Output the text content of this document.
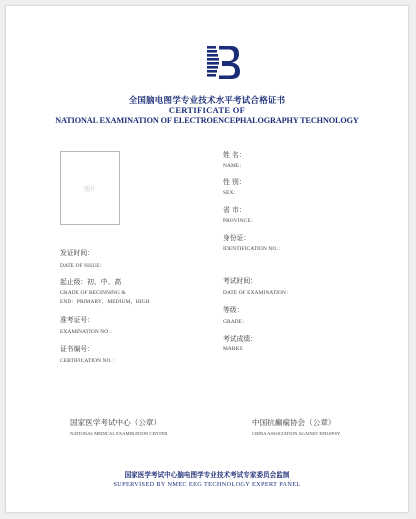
全国脑电图学专业技术水平考试合格证书
CERTIFICATE OF
NATIONAL EXAMINATION OF ELECTROENCEPHALOGRAPHY TECHNOLOGY
照片
姓 名：
NAME：
性 别：
SEX：
省 市：
PROVINCE：
身份证：
IDENTIFICATION NO.：
考试时间：
DATE OF EXAMINATION：
等级：
GRADE：
考试成绩：
MARKS
发证时间：
DATE OF ISSUE：
起止级：初、中、高
GRADE OF BEGINNING &
END：PRIMARY，MEDIUM，HIGH
准考证号：
EXAMINATION NO.：
证书编号：
CERTIFICATION NO.：
国家医学考试中心（公章）
NATIONAL MEDICAL EXAMINATION CENTER
中国抗癫痫协会（公章）
CHINA ASSOCIATION AGAINST EPILEPSY
国家医学考试中心脑电图学专业技术考试专家委员会监制
SUPERVISED BY NMEC EEG TECHNOLOGY EXPERT PANEL
